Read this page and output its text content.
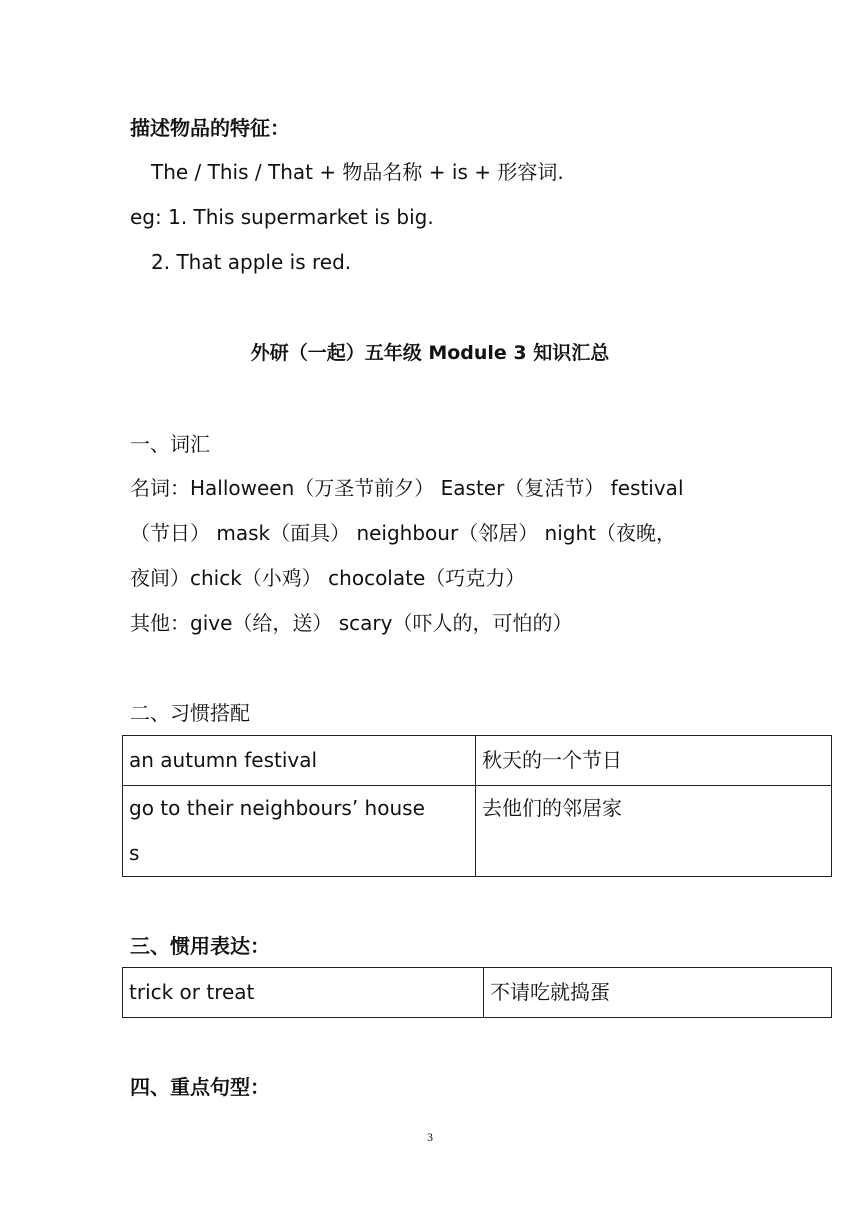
描述物品的特征：
The / This / That + 物品名称 + is + 形容词.
eg: 1. This supermarket is big.
2. That apple is red.
外研（一起）五年级 Module 3 知识汇总
一、词汇
名词：Halloween（万圣节前夕） Easter（复活节） festival
（节日） mask（面具） neighbour（邻居） night（夜晚，
夜间）chick（小鸡） chocolate（巧克力）
其他：give（给，送） scary（吓人的，可怕的）
二、习惯搭配
an autumn festival	秋天的一个节日

go to their neighbours’ house
s	去他们的邻居家
三、惯用表达：
trick or treat	不请吃就捣蛋
四、重点句型：
3
